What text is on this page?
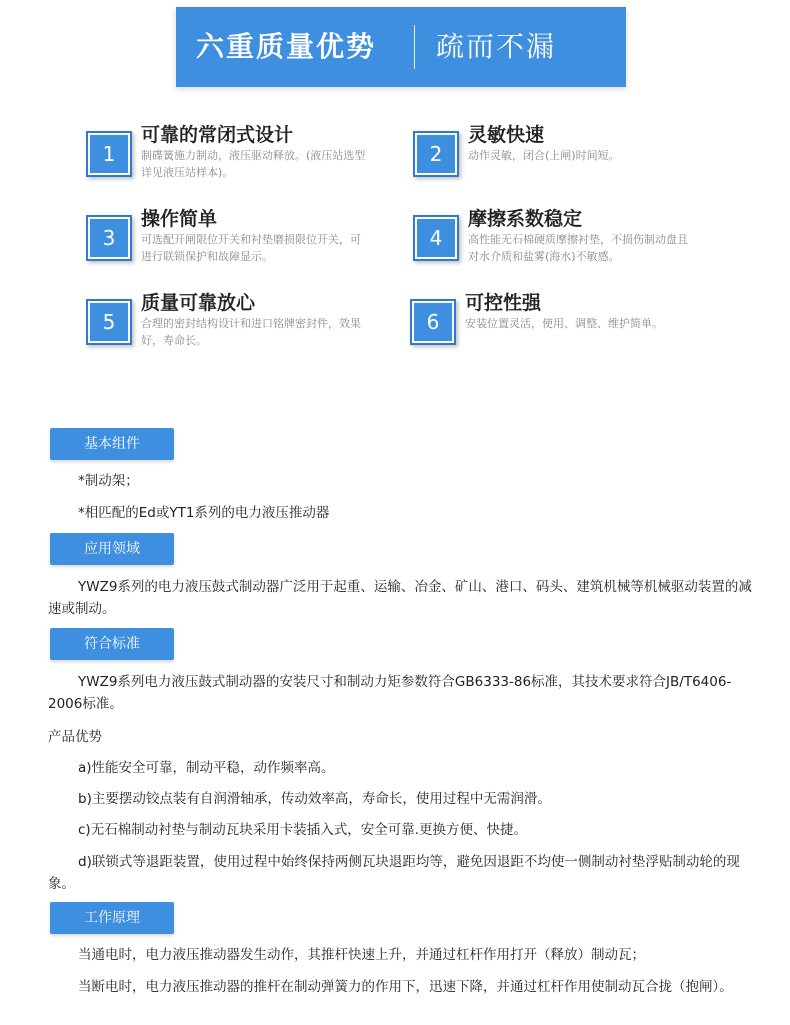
六重质量优势	疏而不漏
1
可靠的常闭式设计
制碟簧施力制动，液压驱动释放。(液压站选型详见液压站样本)。
2
灵敏快速
动作灵敏，闭合(上闸)时间短。
3
操作简单
可选配开闸限位开关和衬垫磨损限位开关，可进行联锁保护和故障显示。
4
摩擦系数稳定
高性能无石棉硬质摩擦衬垫，不损伤制动盘且对水介质和盐雾(海水)不敏感。
5
质量可靠放心
合理的密封结构设计和进口铭牌密封件，效果好，寿命长。
6
可控性强
安装位置灵活，使用、调整、维护简单。
基本组件
*制动架；
*相匹配的Ed或YT1系列的电力液压推动器
应用领域
YWZ9系列的电力液压鼓式制动器广泛用于起重、运输、冶金、矿山、港口、码头、建筑机械等机械驱动装置的减速或制动。
符合标准
YWZ9系列电力液压鼓式制动器的安装尺寸和制动力矩参数符合GB6333-86标准，其技术要求符合JB/T6406-2006标准。
产品优势
a)性能安全可靠，制动平稳，动作频率高。
b)主要摆动铰点装有自润滑轴承，传动效率高，寿命长，使用过程中无需润滑。
c)无石棉制动衬垫与制动瓦块采用卡装插入式，安全可靠.更换方便、快捷。
d)联锁式等退距装置，使用过程中始终保持两侧瓦块退距均等，避免因退距不均使一侧制动衬垫浮贴制动轮的现象。
工作原理
当通电时，电力液压推动器发生动作，其推杆快速上升，并通过杠杆作用打开（释放）制动瓦；
当断电时，电力液压推动器的推杆在制动弹簧力的作用下，迅速下降，并通过杠杆作用使制动瓦合拢（抱闸）。
